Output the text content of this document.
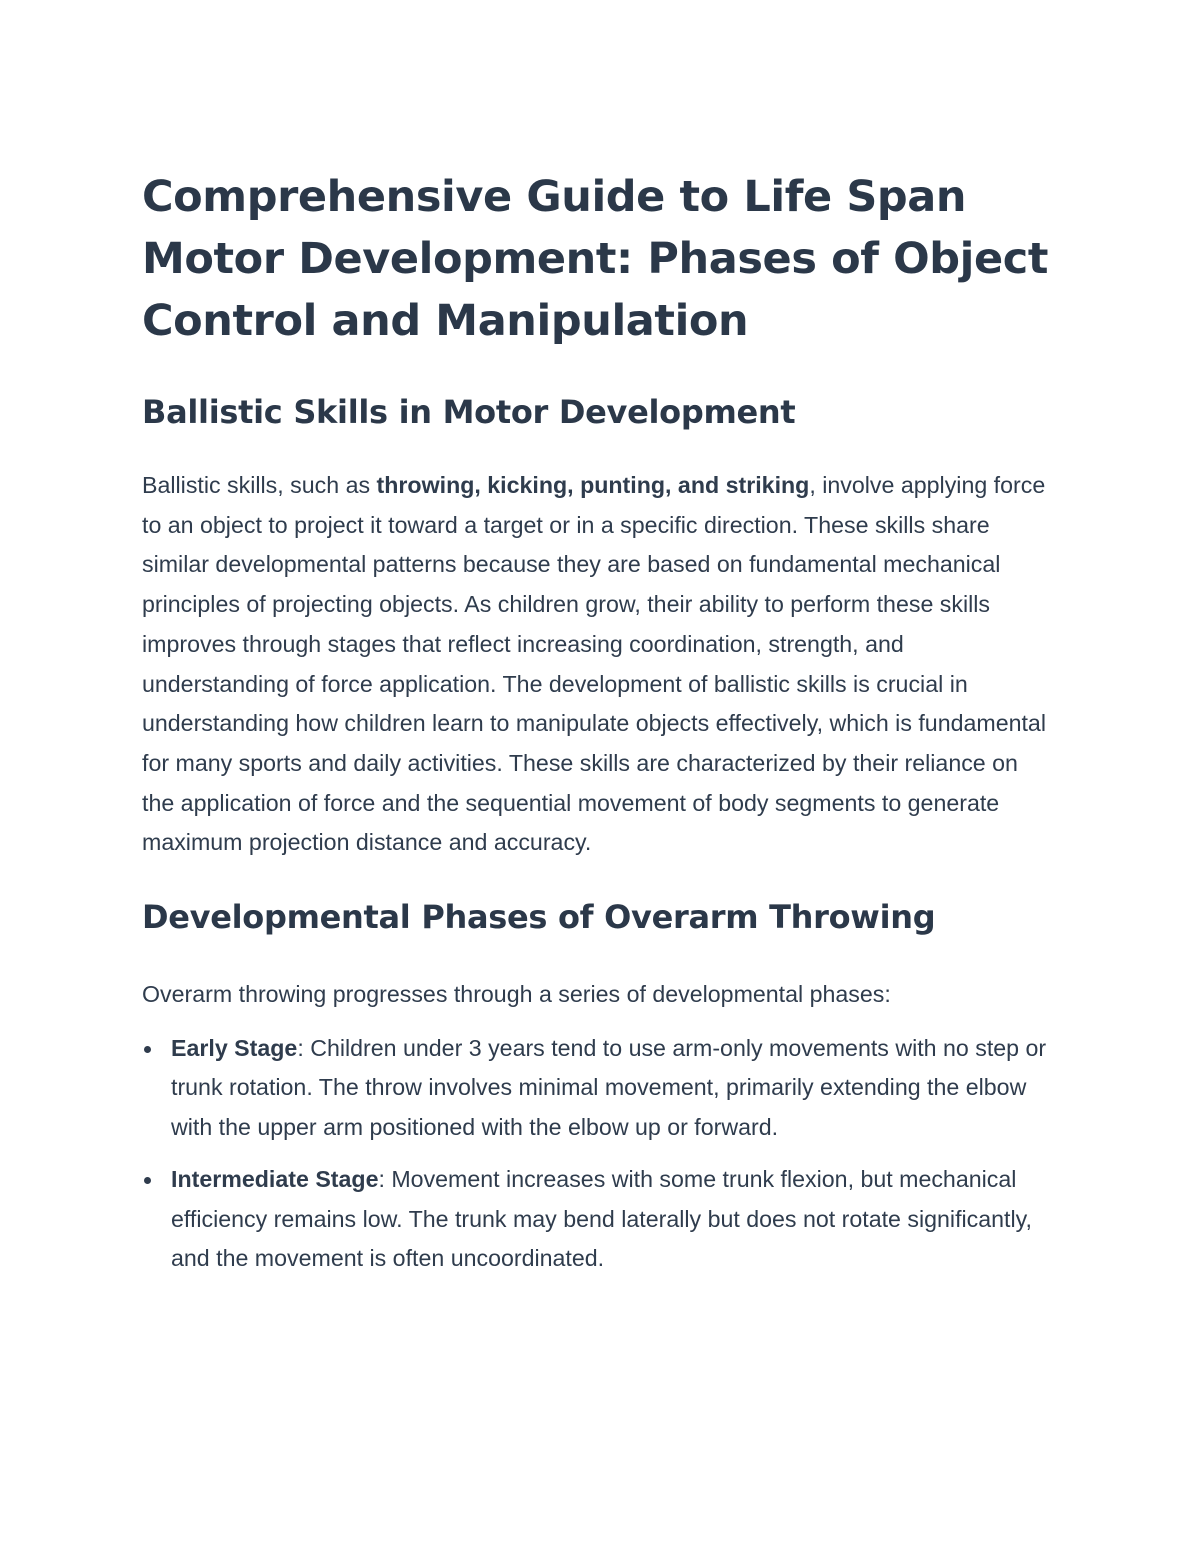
Comprehensive Guide to Life Span Motor Development: Phases of Object Control and Manipulation
Ballistic Skills in Motor Development

Ballistic skills, such as throwing, kicking, punting, and striking, involve applying force to an object to project it toward a target or in a specific direction. These skills share similar developmental patterns because they are based on fundamental mechanical principles of projecting objects. As children grow, their ability to perform these skills improves through stages that reflect increasing coordination, strength, and understanding of force application. The development of ballistic skills is crucial in understanding how children learn to manipulate objects effectively, which is fundamental for many sports and daily activities. These skills are characterized by their reliance on the application of force and the sequential movement of body segments to generate maximum projection distance and accuracy.

Developmental Phases of Overarm Throwing

Overarm throwing progresses through a series of developmental phases:

Early Stage: Children under 3 years tend to use arm-only movements with no step or trunk rotation. The throw involves minimal movement, primarily extending the elbow with the upper arm positioned with the elbow up or forward.
Intermediate Stage: Movement increases with some trunk flexion, but mechanical efficiency remains low. The trunk may bend laterally but does not rotate significantly, and the movement is often uncoordinated.
